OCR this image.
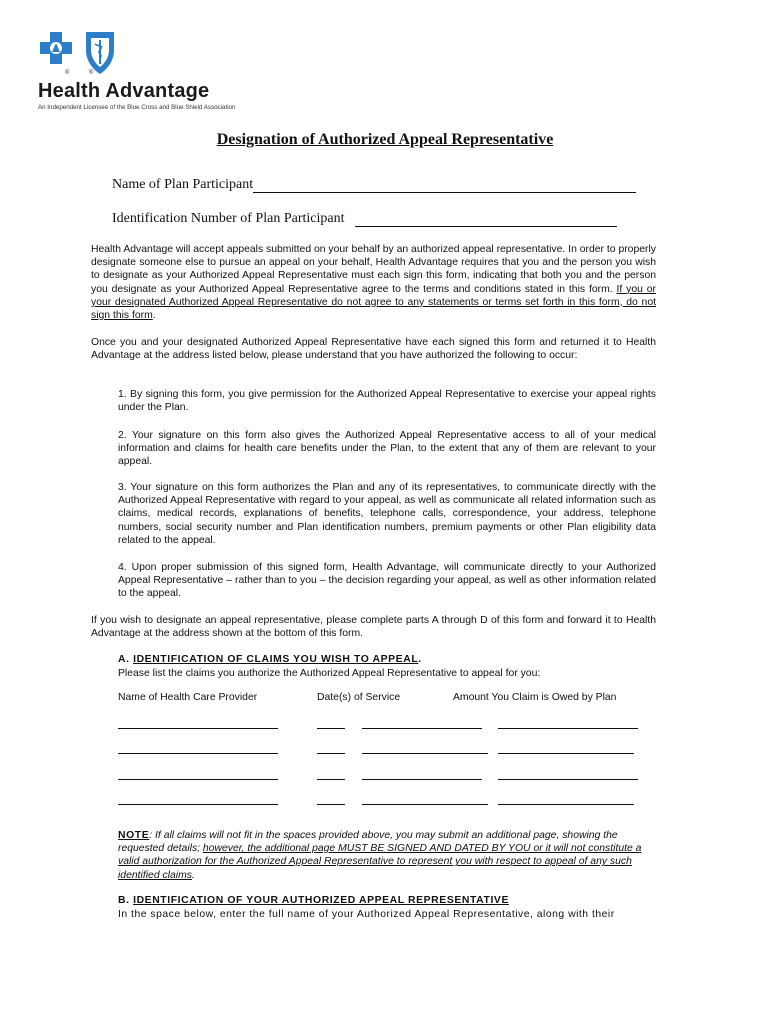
®	®
Health Advantage
An Independent Licensee of the Blue Cross and Blue Shield Association
Designation of Authorized Appeal Representative
Name of Plan Participant
Identification Number of Plan Participant
Health Advantage will accept appeals submitted on your behalf by an authorized appeal representative. In order to properly designate someone else to pursue an appeal on your behalf, Health Advantage requires that you and the person you wish to designate as your Authorized Appeal Representative must each sign this form, indicating that both you and the person you designate as your Authorized Appeal Representative agree to the terms and conditions stated in this form. If you or your designated Authorized Appeal Representative do not agree to any statements or terms set forth in this form, do not sign this form.
Once you and your designated Authorized Appeal Representative have each signed this form and returned it to Health Advantage at the address listed below, please understand that you have authorized the following to occur:
1. By signing this form, you give permission for the Authorized Appeal Representative to exercise your appeal rights under the Plan.
2. Your signature on this form also gives the Authorized Appeal Representative access to all of your medical information and claims for health care benefits under the Plan, to the extent that any of them are relevant to your appeal.
3. Your signature on this form authorizes the Plan and any of its representatives, to communicate directly with the Authorized Appeal Representative with regard to your appeal, as well as communicate all related information such as claims, medical records, explanations of benefits, telephone calls, correspondence, your address, telephone numbers, social security number and Plan identification numbers, premium payments or other Plan eligibility data related to the appeal.
4. Upon proper submission of this signed form, Health Advantage, will communicate directly to your Authorized Appeal Representative – rather than to you – the decision regarding your appeal, as well as other information related to the appeal.
If you wish to designate an appeal representative, please complete parts A through D of this form and forward it to Health Advantage at the address shown at the bottom of this form.
A. IDENTIFICATION OF CLAIMS YOU WISH TO APPEAL.
Please list the claims you authorize the Authorized Appeal Representative to appeal for you:
Name of Health Care Provider	Date(s) of Service	Amount You Claim is Owed by Plan
NOTE: If all claims will not fit in the spaces provided above, you may submit an additional page, showing the requested details; however, the additional page MUST BE SIGNED AND DATED BY YOU or it will not constitute a valid authorization for the Authorized Appeal Representative to represent you with respect to appeal of any such identified claims.
B. IDENTIFICATION OF YOUR AUTHORIZED APPEAL REPRESENTATIVE
In the space below, enter the full name of your Authorized Appeal Representative, along with their
